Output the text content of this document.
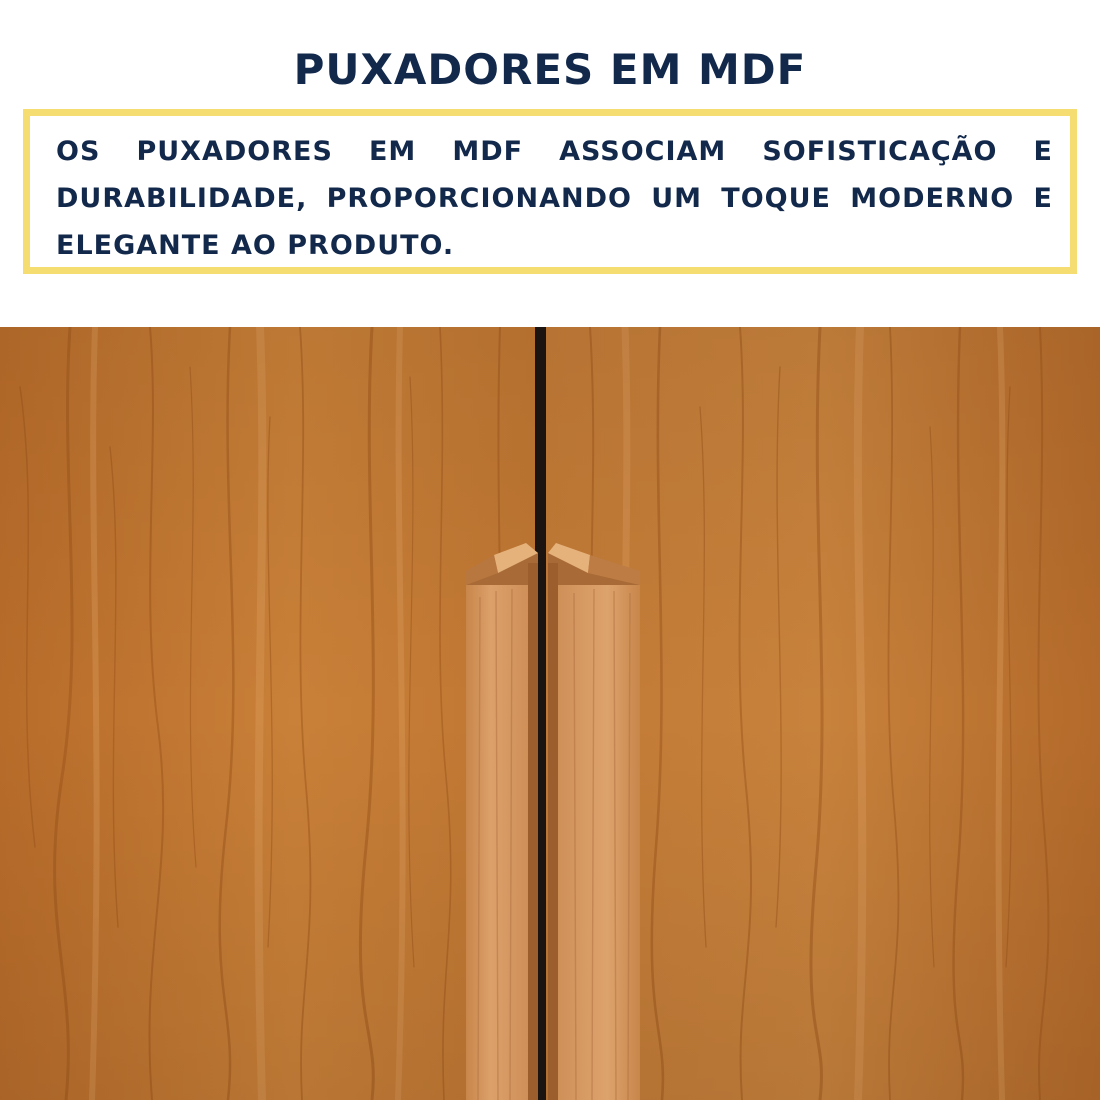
PUXADORES EM MDF

OS PUXADORES EM MDF ASSOCIAM SOFISTICAÇÃO E DURABILIDADE, PROPORCIONANDO UM TOQUE MODERNO E ELEGANTE AO PRODUTO.
